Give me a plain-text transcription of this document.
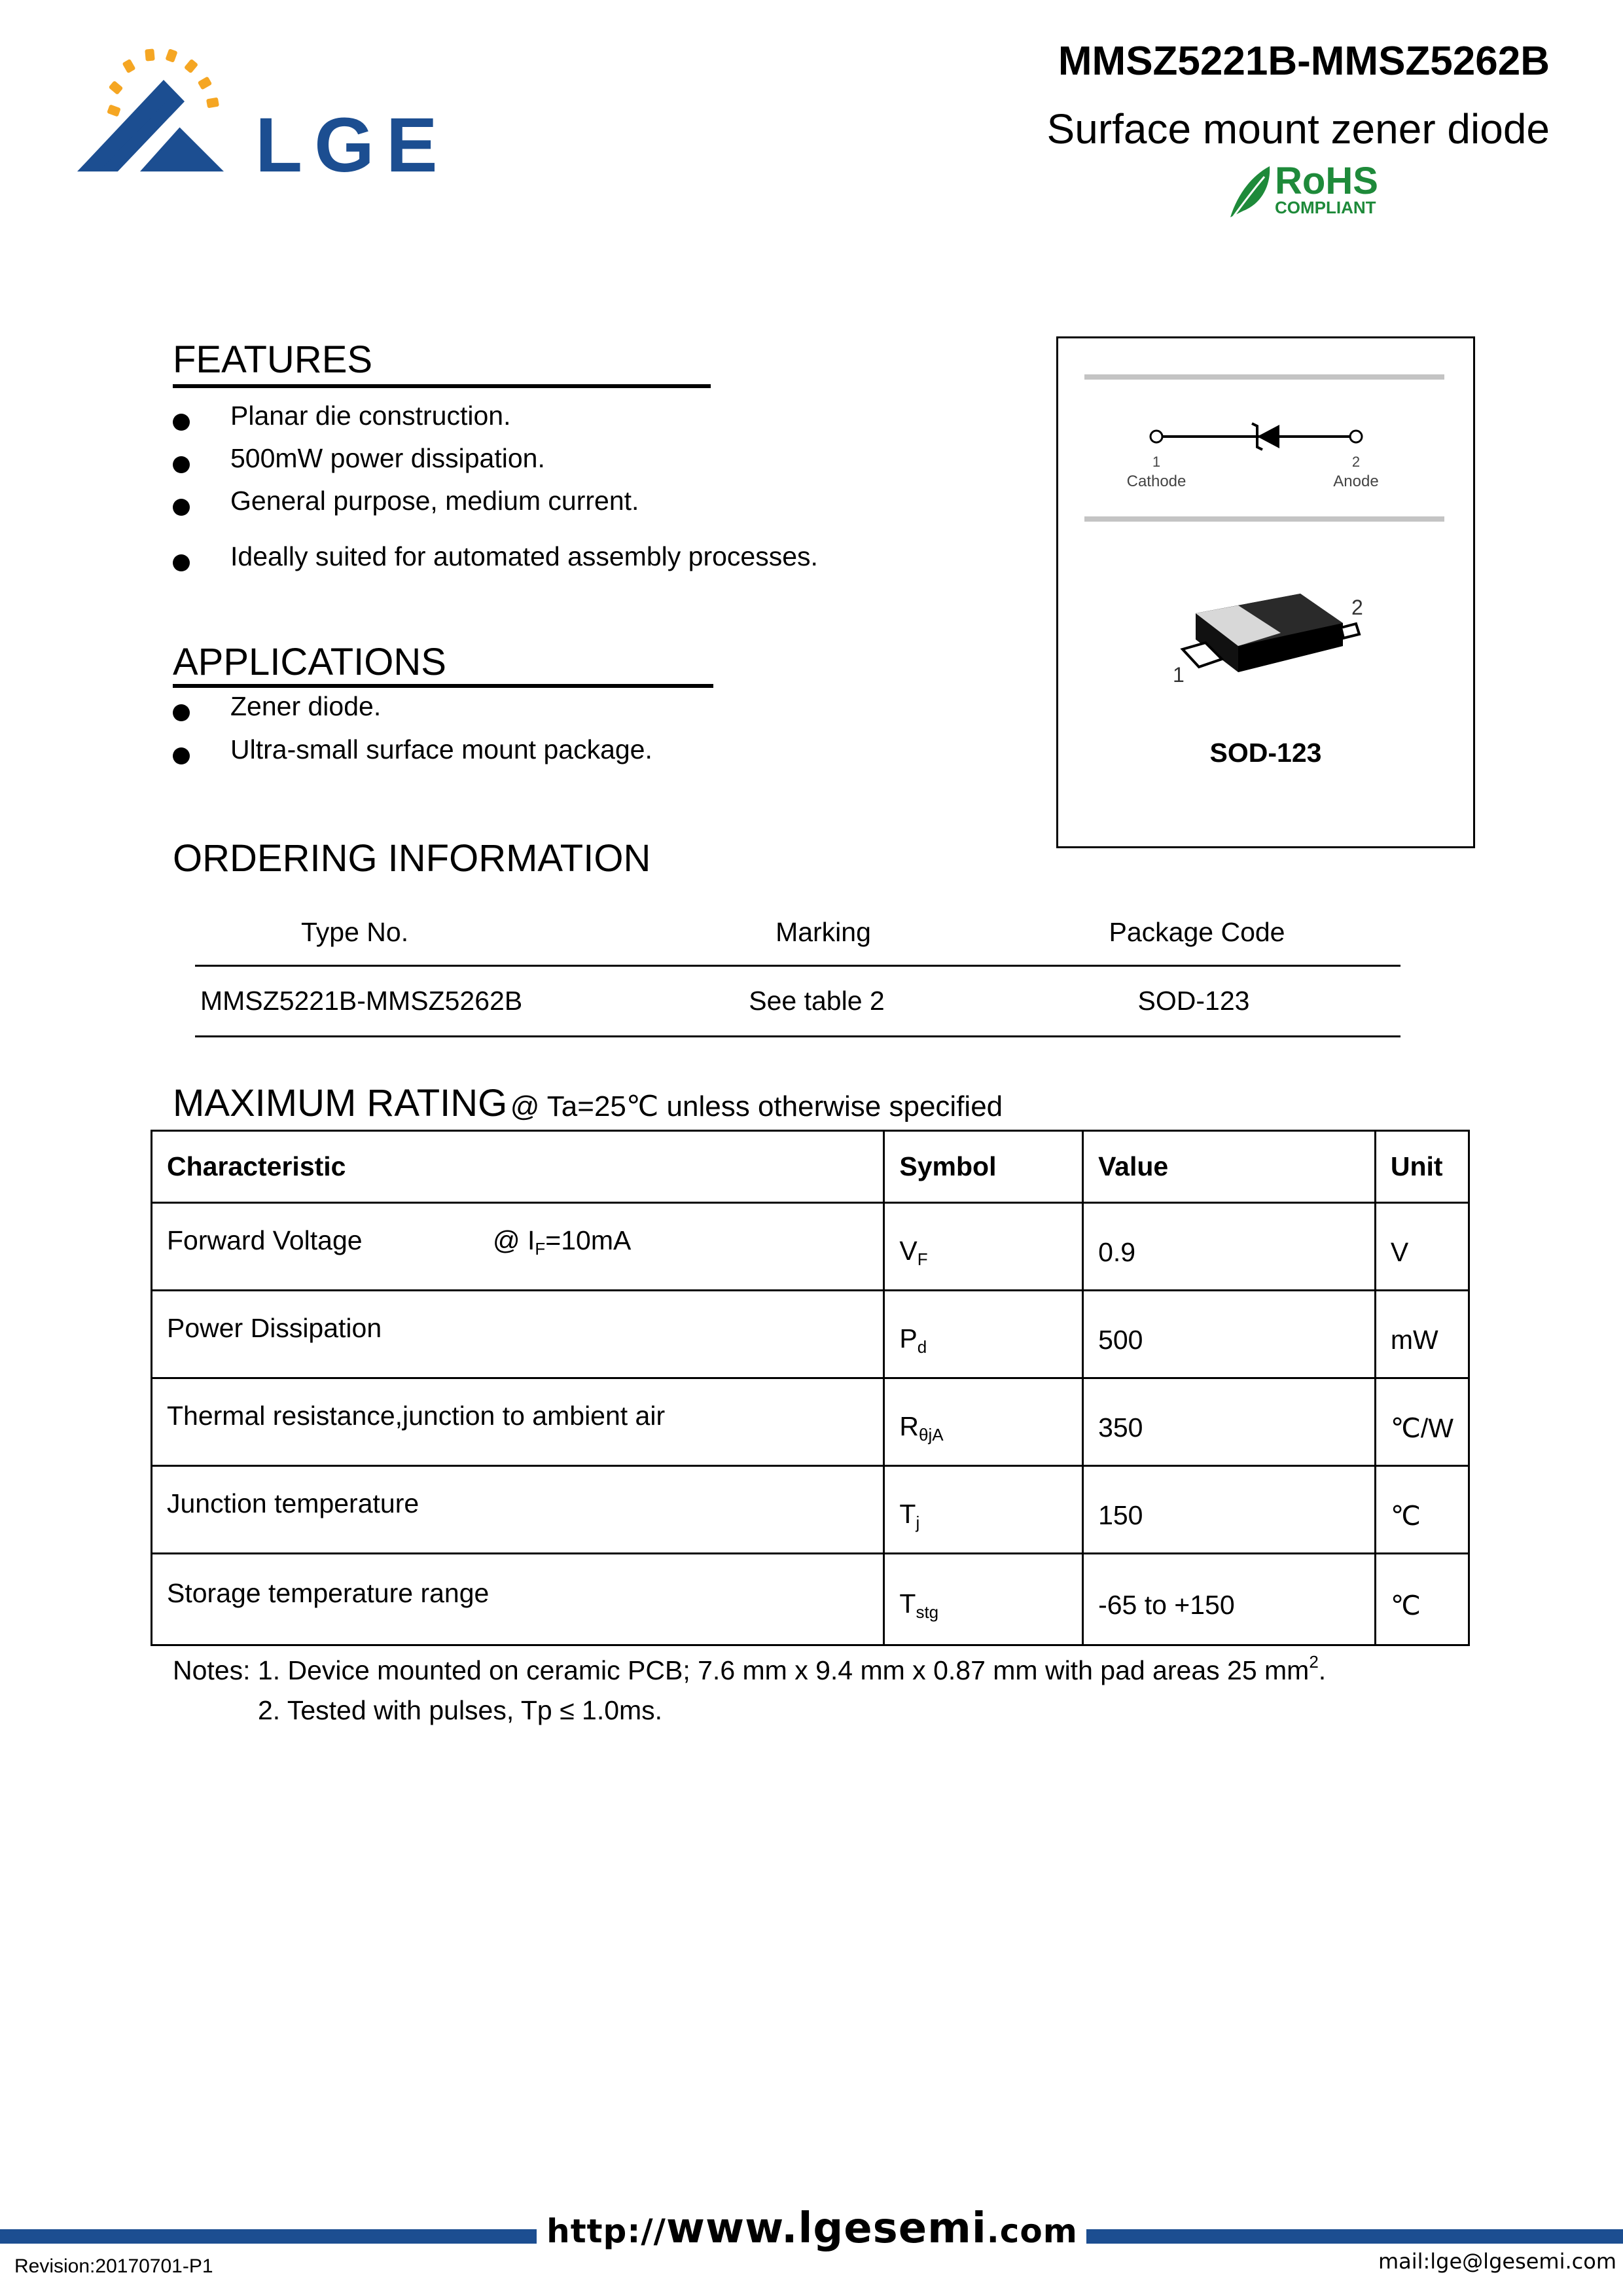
LGE
MMSZ5221B-MMSZ5262B
Surface mount zener diode
RoHS
COMPLIANT
FEATURES
Planar die construction.
500mW power dissipation.
General purpose, medium current.
Ideally suited for automated assembly processes.
APPLICATIONS
Zener diode.
Ultra-small surface mount package.
1	2
Cathode	Anode
2
1
SOD-123
ORDERING INFORMATION
Type No.	Marking	Package Code
MMSZ5221B-MMSZ5262B	See table 2	SOD-123
MAXIMUM RATING @ Ta=25℃ unless otherwise specified
Characteristic	Symbol	Value	Unit
Forward Voltage @ $I_F=10mA$	$V_F$	0.9	V
Power Dissipation	$P_d$	500	mW
Thermal resistance,junction to ambient air	$R_{\theta jA}$	350	℃/W
Junction temperature	$T_j$	150	℃
Storage temperature range	$T_{stg}$	-65 to +150	℃
Notes: 1. Device mounted on ceramic PCB; 7.6 mm x 9.4 mm x 0.87 mm with pad areas 25 $mm^2$.
2. Tested with pulses, Tp ≤ 1.0ms.
http://www.lgesemi.com
Revision:20170701-P1	mail:lge@lgesemi.com
